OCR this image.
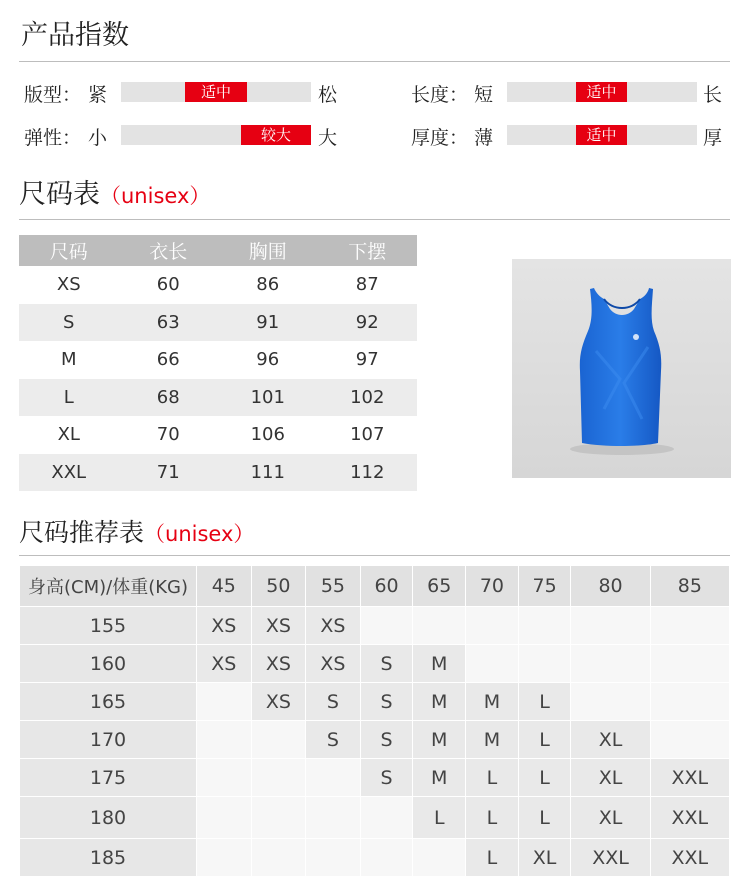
产品指数
版型： 紧	适中	松	长度： 短	适中	长
弹性： 小	较大	大	厚度： 薄	适中	厚
尺码表（unisex）
尺码	衣长	胸围	下摆
XS	60	86	87
S	63	91	92
M	66	96	97
L	68	101	102
XL	70	106	107
XXL	71	111	112
尺码推荐表（unisex）
身高(CM)/体重(KG)	45	50	55	60	65	70	75	80	85
155	XS	XS	XS						
160	XS	XS	XS	S	M				
165		XS	S	S	M	M	L		
170			S	S	M	M	L	XL	
175				S	M	L	L	XL	XXL
180					L	L	L	XL	XXL
185						L	XL	XXL	XXL
